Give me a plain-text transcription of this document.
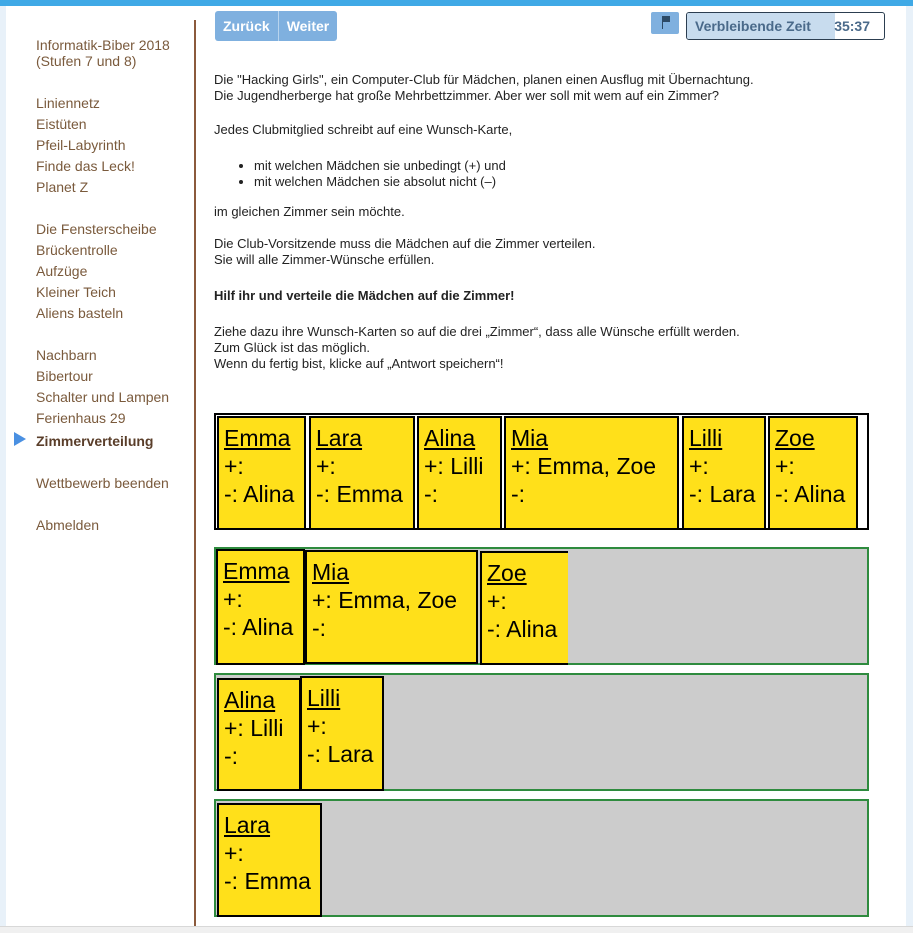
Informatik-Biber 2018
(Stufen 7 und 8)
Liniennetz
Eistüten
Pfeil-Labyrinth
Finde das Leck!
Planet Z
Die Fensterscheibe
Brückentrolle
Aufzüge
Kleiner Teich
Aliens basteln
Nachbarn
Bibertour
Schalter und Lampen
Ferienhaus 29
Zimmerverteilung
Wettbewerb beenden
Abmelden
Zurück	Weiter	Verbleibende Zeit 35:37

Die "Hacking Girls", ein Computer-Club für Mädchen, planen einen Ausflug mit Übernachtung.

Die Jugendherberge hat große Mehrbettzimmer. Aber wer soll mit wem auf ein Zimmer?

Jedes Clubmitglied schreibt auf eine Wunsch-Karte,

• mit welchen Mädchen sie unbedingt (+) und
• mit welchen Mädchen sie absolut nicht (–)

im gleichen Zimmer sein möchte.

Die Club-Vorsitzende muss die Mädchen auf die Zimmer verteilen.

Sie will alle Zimmer-Wünsche erfüllen.

Hilf ihr und verteile die Mädchen auf die Zimmer!

Ziehe dazu ihre Wunsch-Karten so auf die drei „Zimmer“, dass alle Wünsche erfüllt werden.

Zum Glück ist das möglich.

Wenn du fertig bist, klicke auf „Antwort speichern“!

Emma
+:
-: Alina
Lara
+:
-: Emma
Alina
+: Lilli
-:
Mia
+: Emma, Zoe
-:
Lilli
+:
-: Lara
Zoe
+:
-: Alina
Emma
+:
-: Alina
Mia
+: Emma, Zoe
-:
Zoe
+:
-: Alina
Alina
+: Lilli
-:
Lilli
+:
-: Lara
Lara
+:
-: Emma
